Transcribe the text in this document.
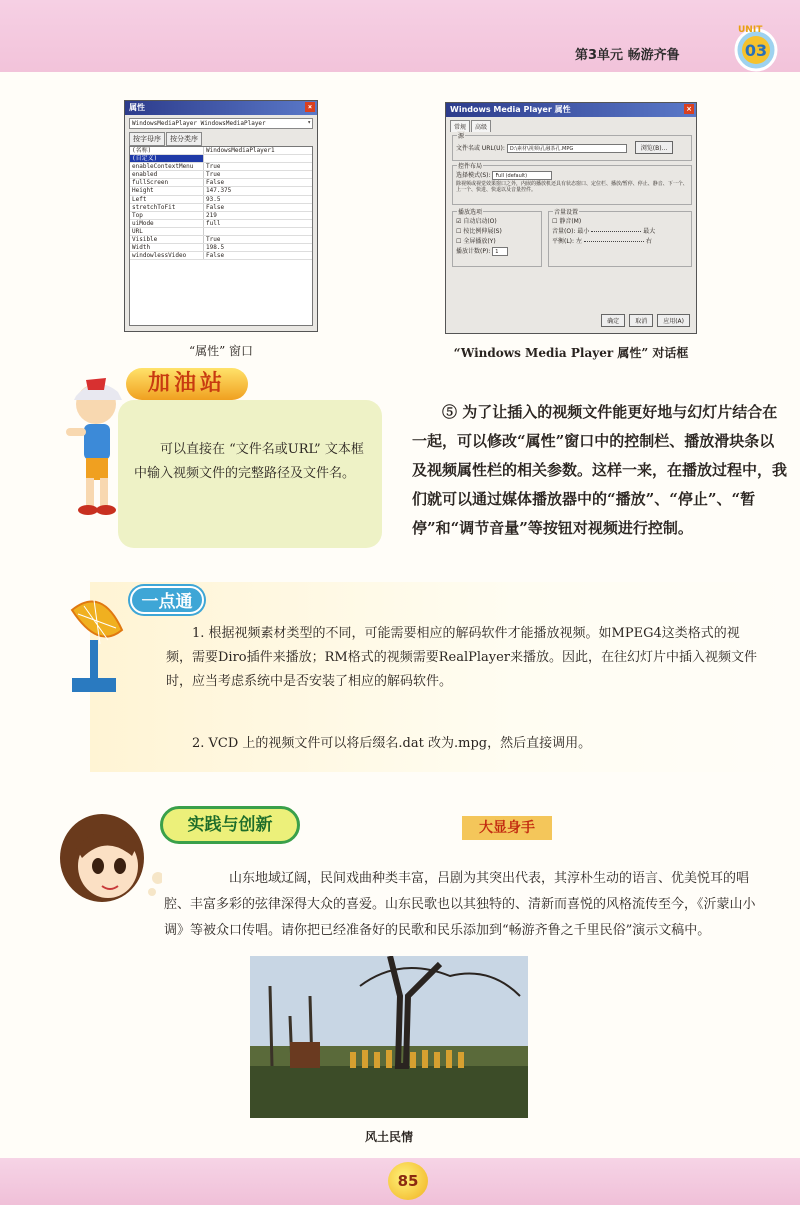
第3单元 畅游齐鲁	03
UNIT
属性	×
WindowsMediaPlayer WindowsMediaPlayer	▾
按字母序	按分类序
(名称)	WindowsMediaPlayer1
(自定义)
enableContextMenu	True
enabled	True
fullScreen	False
Height	147.375
Left	93.5
stretchToFit	False
Top	219
uiMode	full
URL
Visible	True
Width	198.5
windowlessVideo	False
“属性” 窗口
Windows Media Player 属性	×
常规	高级
源
文件名或 URL(U): D:\素材\视频\孔融茶孔.MPG	浏览(B)...
控件布局
选择模式(S): Full (default)
除视频或视觉效果窗口之外，内嵌的播放机还具有状态窗口、定位栏、播放/暂停、停止、静音、下一个、上一个、快进、快退以及音量控件。
播放选项
☑ 自动启动(O)
☐ 按比例伸展(S)
☐ 全屏播放(Y)
播放计数(P): 1
音量设置
☐ 静音(M)
音量(O): 最小	最大
平衡(L): 左	右
确定	取消	应用(A)
“Windows Media Player 属性” 对话框
加油站
可以直接在 “文件名或URL” 文本框中输入视频文件的完整路径及文件名。
⑤ 为了让插入的视频文件能更好地与幻灯片结合在一起，可以修改“属性”窗口中的控制栏、播放滑块条以及视频属性栏的相关参数。这样一来，在播放过程中，我们就可以通过媒体播放器中的“播放”、“停止”、“暂停”和“调节音量”等按钮对视频进行控制。
一点通
1. 根据视频素材类型的不同，可能需要相应的解码软件才能播放视频。如MPEG4这类格式的视频，需要Diro插件来播放；RM格式的视频需要RealPlayer来播放。因此，在往幻灯片中插入视频文件时，应当考虑系统中是否安装了相应的解码软件。
2. VCD 上的视频文件可以将后缀名.dat 改为.mpg，然后直接调用。
实践与创新	大显身手
山东地域辽阔，民间戏曲种类丰富，吕剧为其突出代表，其淳朴生动的语言、优美悦耳的唱腔、丰富多彩的弦律深得大众的喜爱。山东民歌也以其独特的、清新而喜悦的风格流传至今，《沂蒙山小调》等被众口传唱。请你把已经准备好的民歌和民乐添加到“畅游齐鲁之千里民俗”演示文稿中。
风土民情
85
